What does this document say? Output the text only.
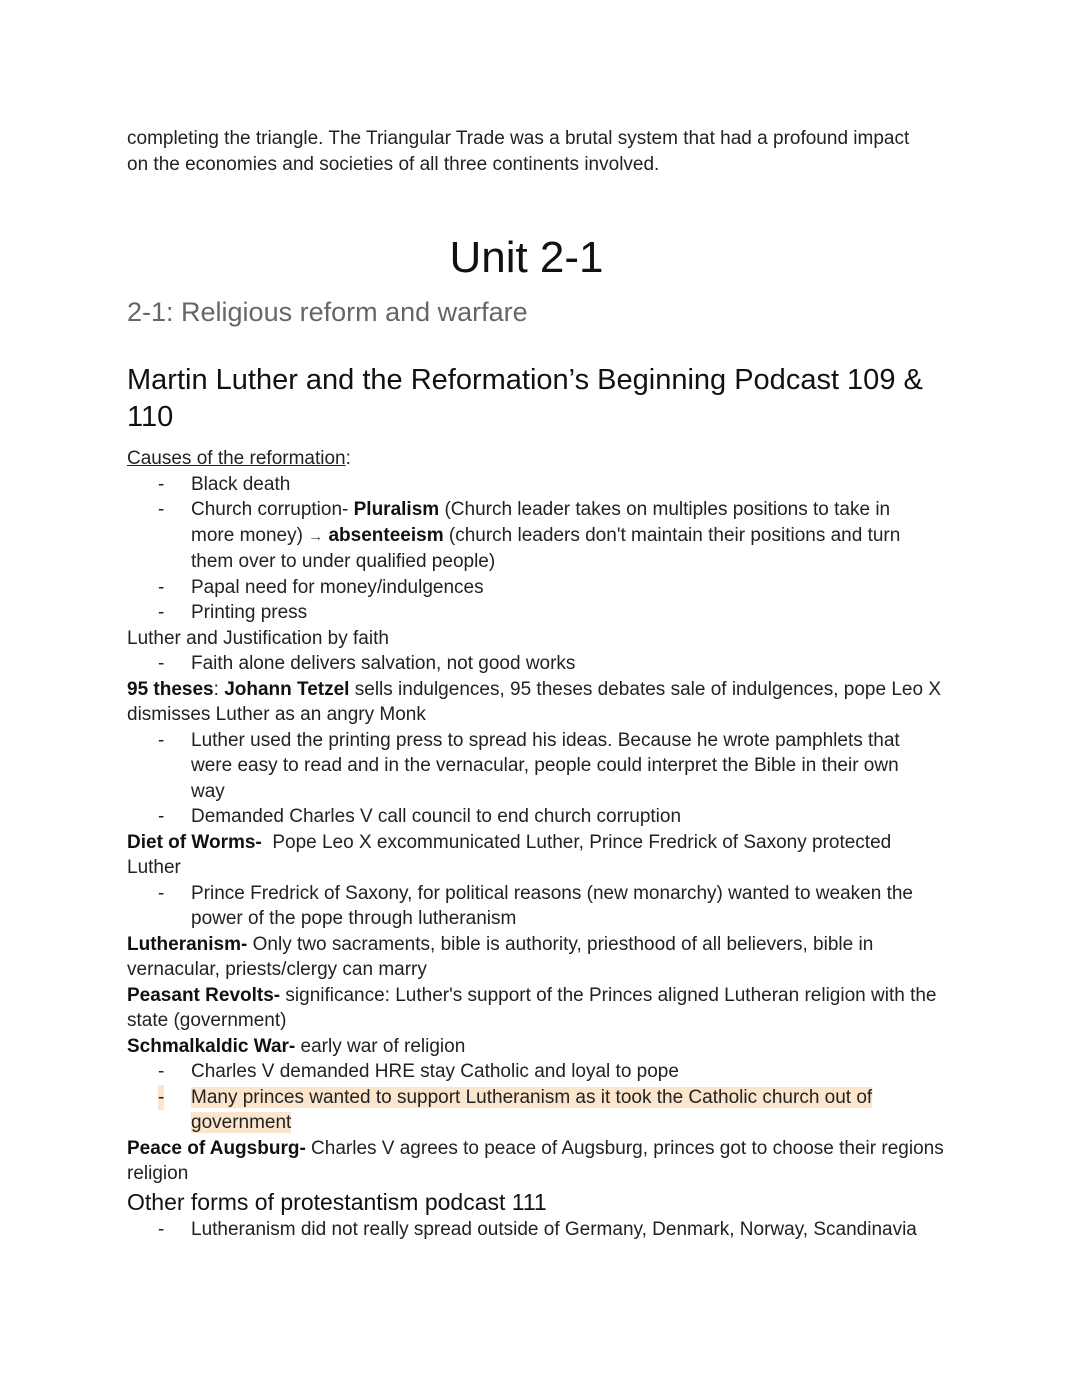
completing the triangle. The Triangular Trade was a brutal system that had a profound impact
on the economies and societies of all three continents involved.
Unit 2-1
2-1: Religious reform and warfare
Martin Luther and the Reformation’s Beginning Podcast 109 & 110
Causes of the reformation:
- Black death
- Church corruption- Pluralism (Church leader takes on multiples positions to take in more money) → absenteeism (church leaders don't maintain their positions and turn them over to under qualified people)
- Papal need for money/indulgences
- Printing press
Luther and Justification by faith
- Faith alone delivers salvation, not good works
95 theses: Johann Tetzel sells indulgences, 95 theses debates sale of indulgences, pope Leo X dismisses Luther as an angry Monk
- Luther used the printing press to spread his ideas. Because he wrote pamphlets that were easy to read and in the vernacular, people could interpret the Bible in their own way
- Demanded Charles V call council to end church corruption
Diet of Worms-  Pope Leo X excommunicated Luther, Prince Fredrick of Saxony protected Luther
- Prince Fredrick of Saxony, for political reasons (new monarchy) wanted to weaken the power of the pope through lutheranism
Lutheranism- Only two sacraments, bible is authority, priesthood of all believers, bible in vernacular, priests/clergy can marry
Peasant Revolts- significance: Luther's support of the Princes aligned Lutheran religion with the state (government)
Schmalkaldic War- early war of religion
- Charles V demanded HRE stay Catholic and loyal to pope
- Many princes wanted to support Lutheranism as it took the Catholic church out of government
Peace of Augsburg- Charles V agrees to peace of Augsburg, princes got to choose their regions religion
Other forms of protestantism podcast 111
- Lutheranism did not really spread outside of Germany, Denmark, Norway, Scandinavia
